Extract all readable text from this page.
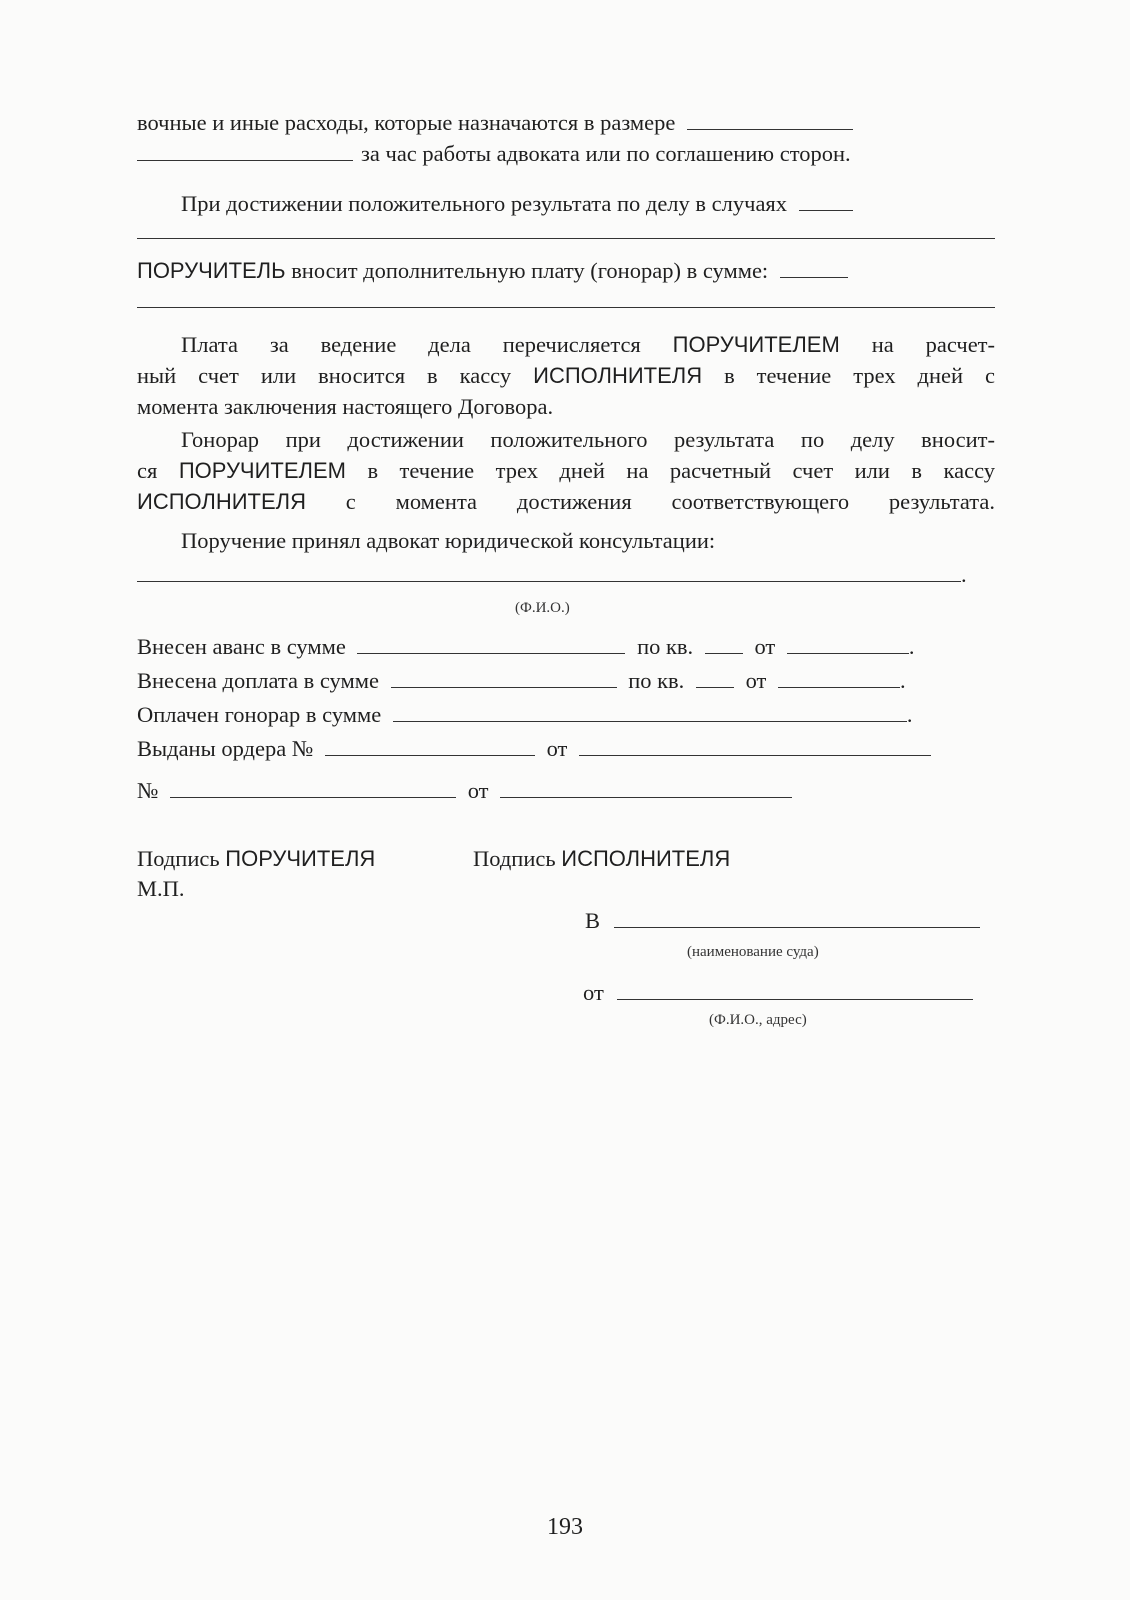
вочные и иные расходы, которые назначаются в размере
за час работы адвоката или по соглашению сторон.
При достижении положительного результата по делу в случаях
ПОРУЧИТЕЛЬ вносит дополнительную плату (гонорар) в сумме:
Плата за ведение дела перечисляется ПОРУЧИТЕЛЕМ на расчет-
ный счет или вносится в кассу ИСПОЛНИТЕЛЯ в течение трех дней с
момента заключения настоящего Договора.
Гонорар при достижении положительного результата по делу вносит-
ся ПОРУЧИТЕЛЕМ в течение трех дней на расчетный счет или в кассу
ИСПОЛНИТЕЛЯ с момента достижения соответствующего результата.
Поручение принял адвокат юридической консультации:
.
(Ф.И.О.)
Внесен аванс в сумме	по кв.	от	.
Внесена доплата в сумме	по кв.	от	.
Оплачен гонорар в сумме	.
Выданы ордера №	от
№	от
Подпись ПОРУЧИТЕЛЯ	Подпись ИСПОЛНИТЕЛЯ
М.П.
В
(наименование суда)
от
(Ф.И.О., адрес)
193
